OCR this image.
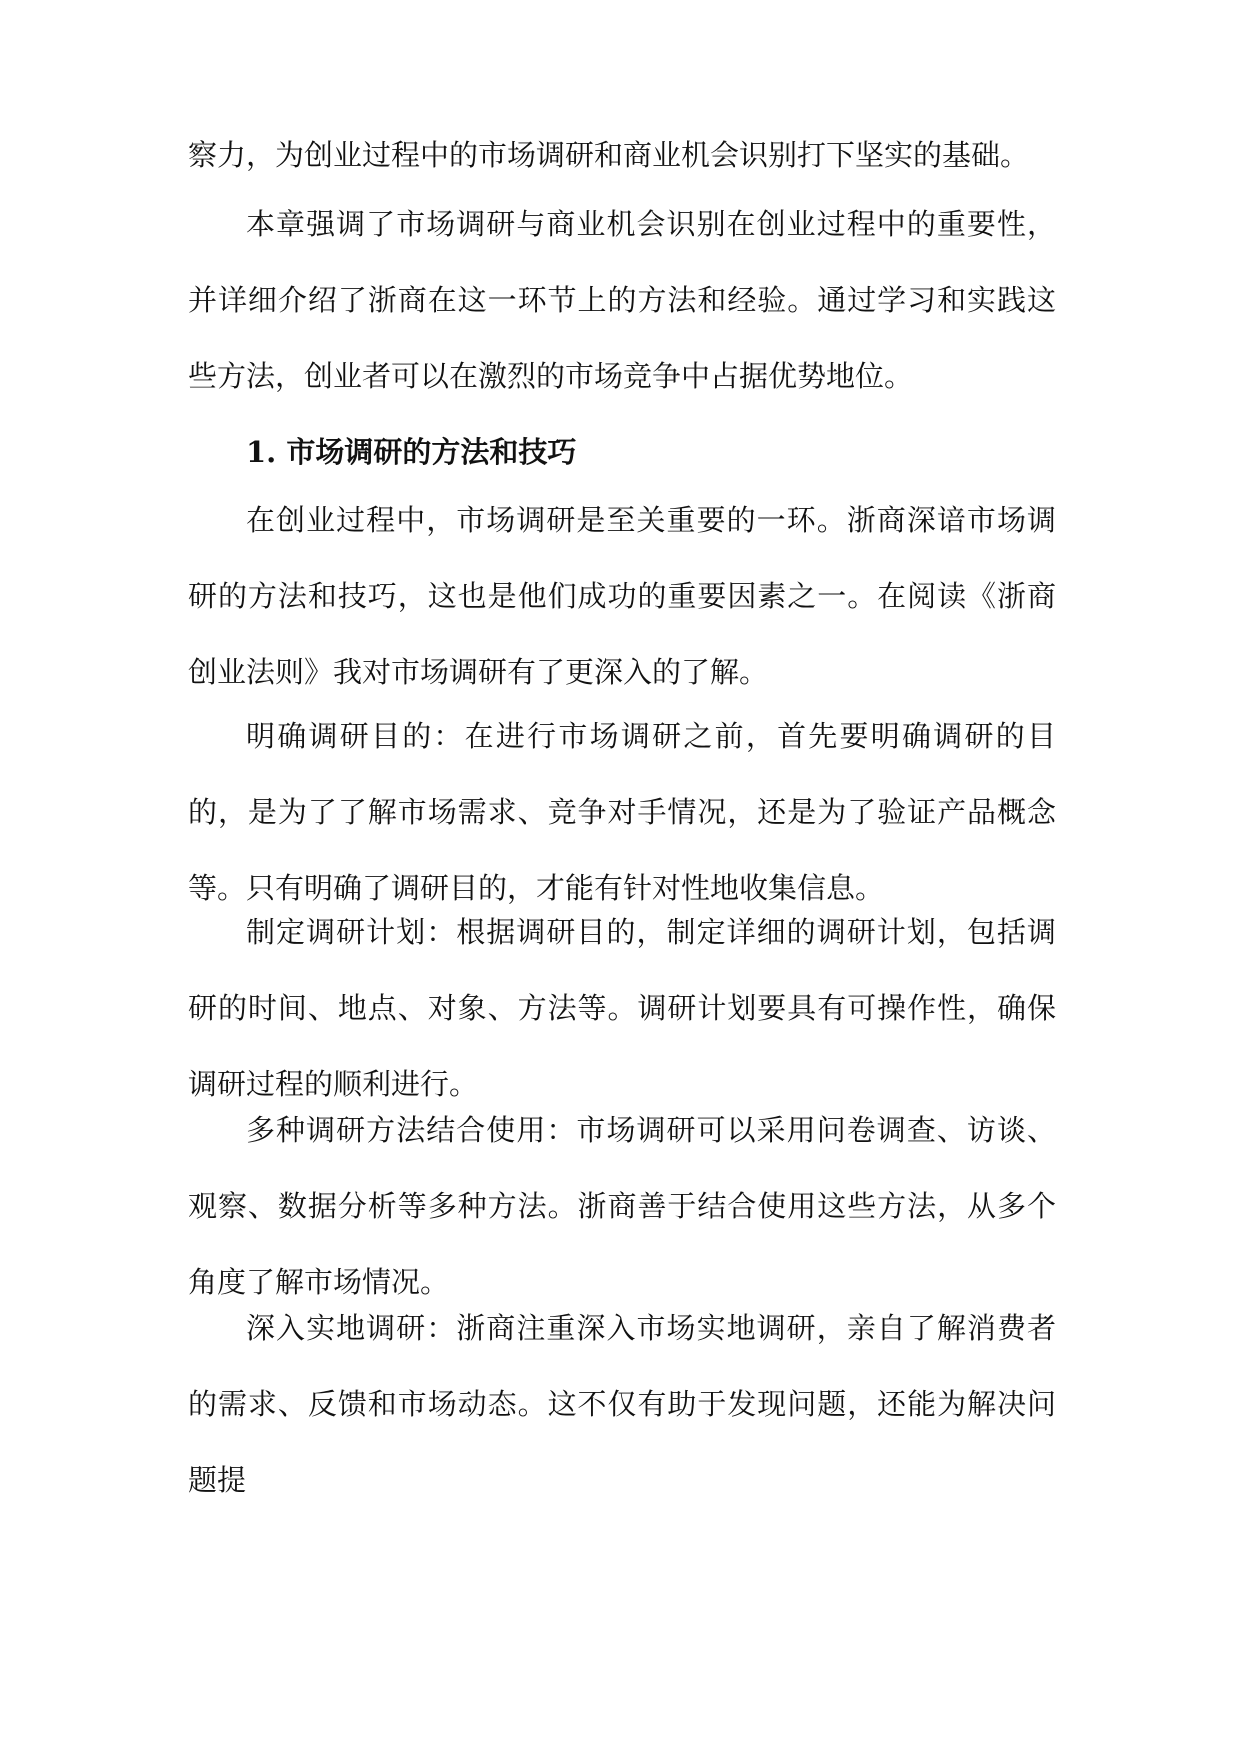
察力，为创业过程中的市场调研和商业机会识别打下坚实的基础。

本章强调了市场调研与商业机会识别在创业过程中的重要性，并详细介绍了浙商在这一环节上的方法和经验。通过学习和实践这些方法，创业者可以在激烈的市场竞争中占据优势地位。

1. 市场调研的方法和技巧

在创业过程中，市场调研是至关重要的一环。浙商深谙市场调研的方法和技巧，这也是他们成功的重要因素之一。在阅读《浙商创业法则》我对市场调研有了更深入的了解。

明确调研目的：在进行市场调研之前，首先要明确调研的目的，是为了了解市场需求、竞争对手情况，还是为了验证产品概念等。只有明确了调研目的，才能有针对性地收集信息。

制定调研计划：根据调研目的，制定详细的调研计划，包括调研的时间、地点、对象、方法等。调研计划要具有可操作性，确保调研过程的顺利进行。

多种调研方法结合使用：市场调研可以采用问卷调查、访谈、观察、数据分析等多种方法。浙商善于结合使用这些方法，从多个角度了解市场情况。

深入实地调研：浙商注重深入市场实地调研，亲自了解消费者的需求、反馈和市场动态。这不仅有助于发现问题，还能为解决问题提
